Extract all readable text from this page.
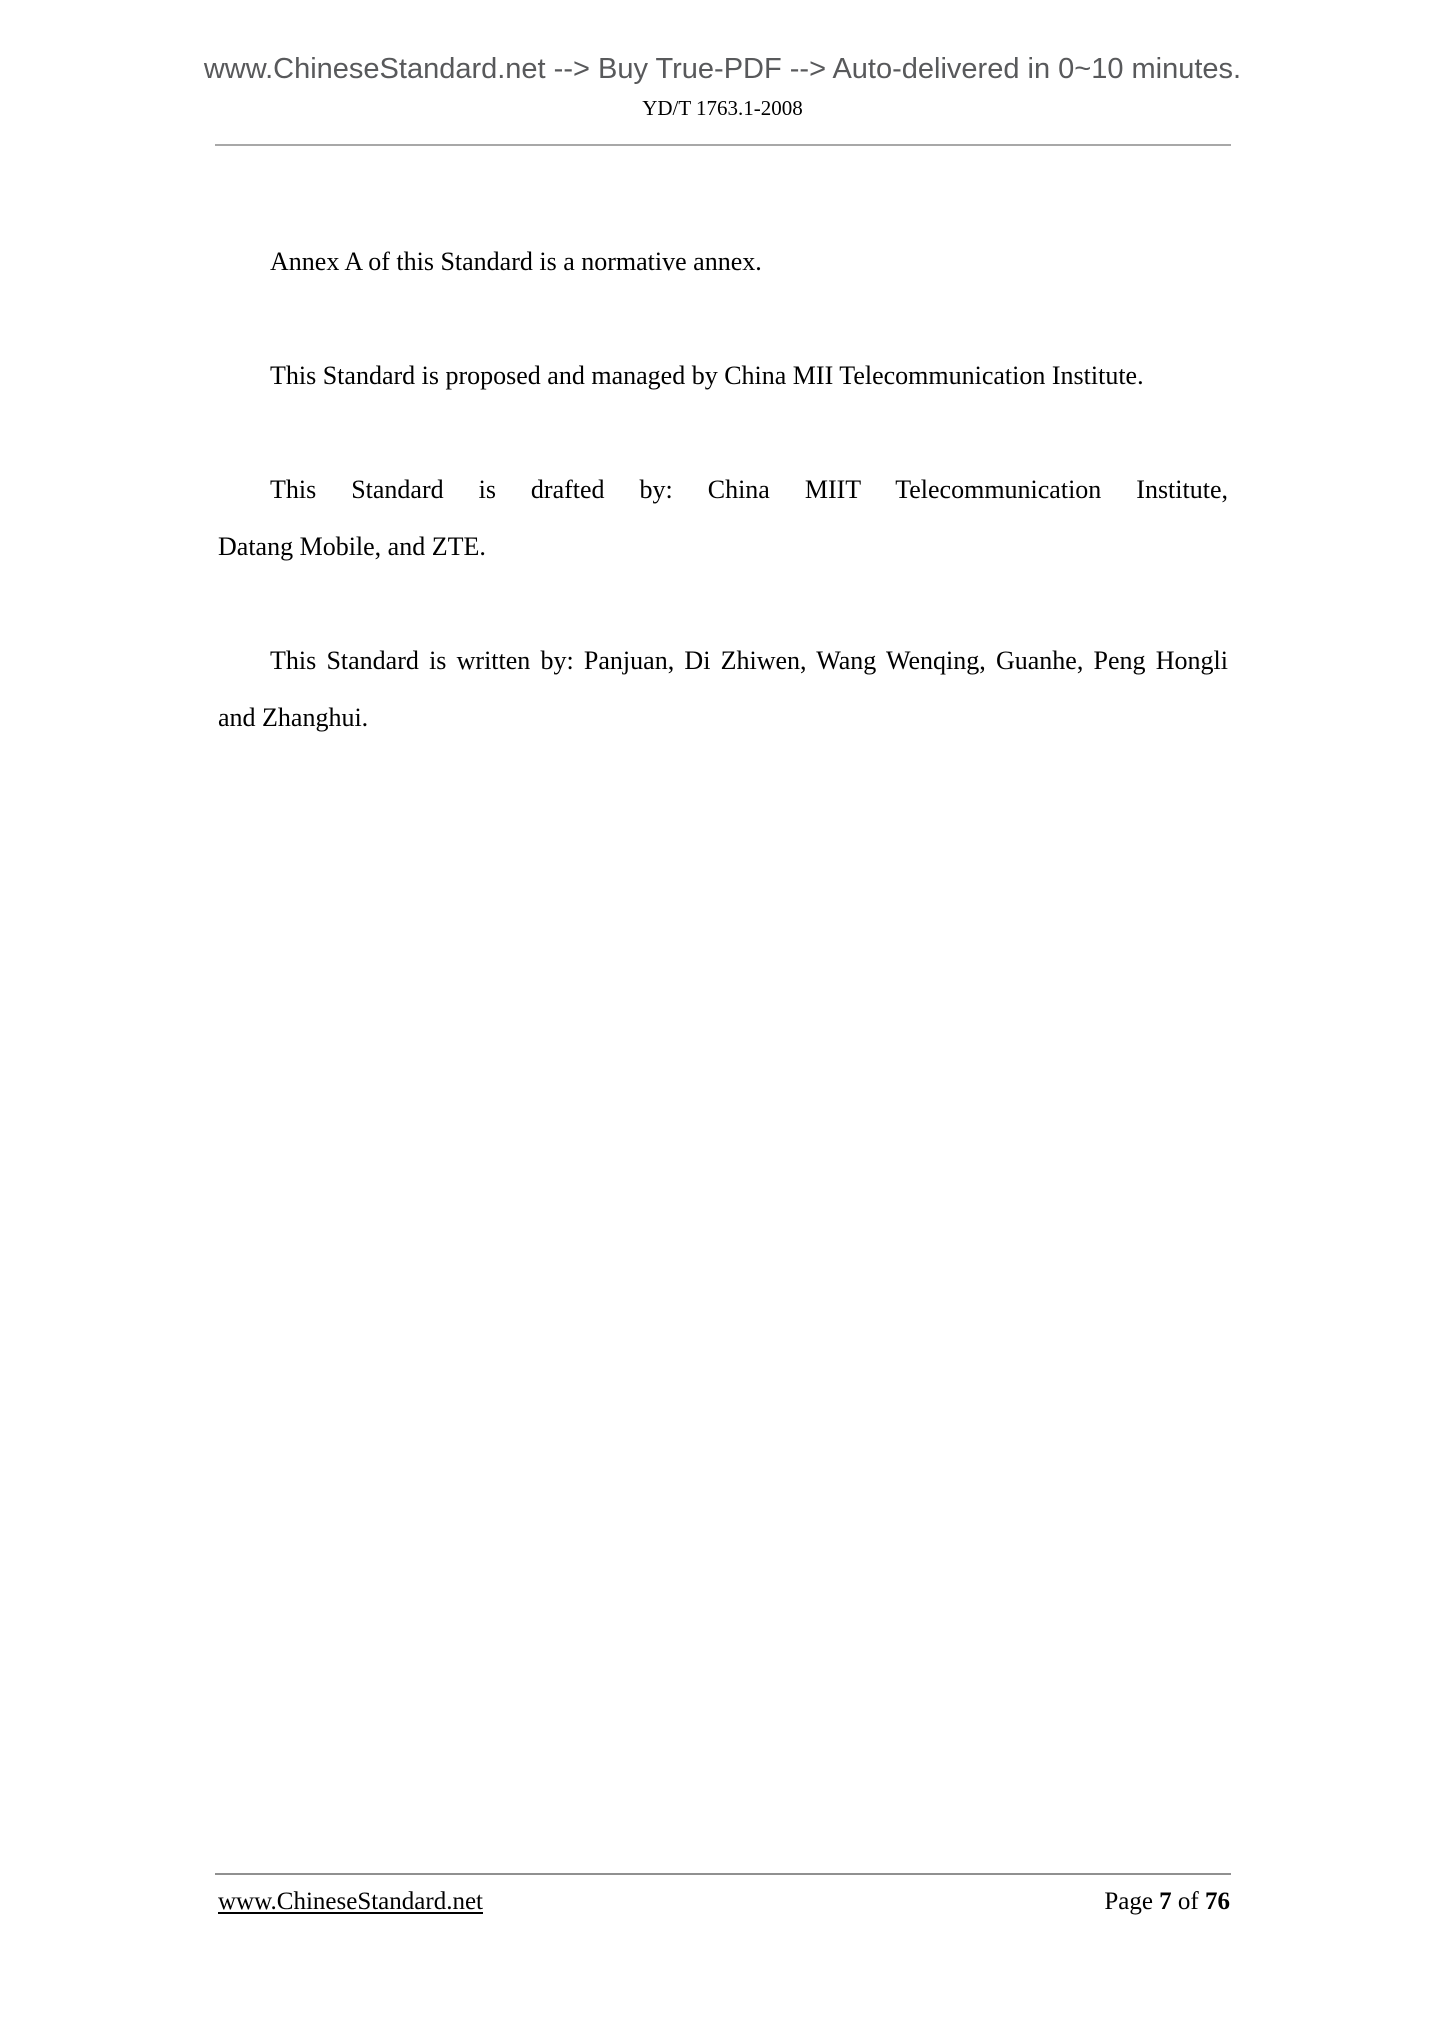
www.ChineseStandard.net --> Buy True-PDF --> Auto-delivered in 0~10 minutes.
YD/T 1763.1-2008
Annex A of this Standard is a normative annex.
This Standard is proposed and managed by China MII Telecommunication Institute.
This Standard is drafted by: China MIIT Telecommunication Institute,
Datang Mobile, and ZTE.
This Standard is written by: Panjuan, Di Zhiwen, Wang Wenqing, Guanhe, Peng Hongli
and Zhanghui.
www.ChineseStandard.net	Page 7 of 76
